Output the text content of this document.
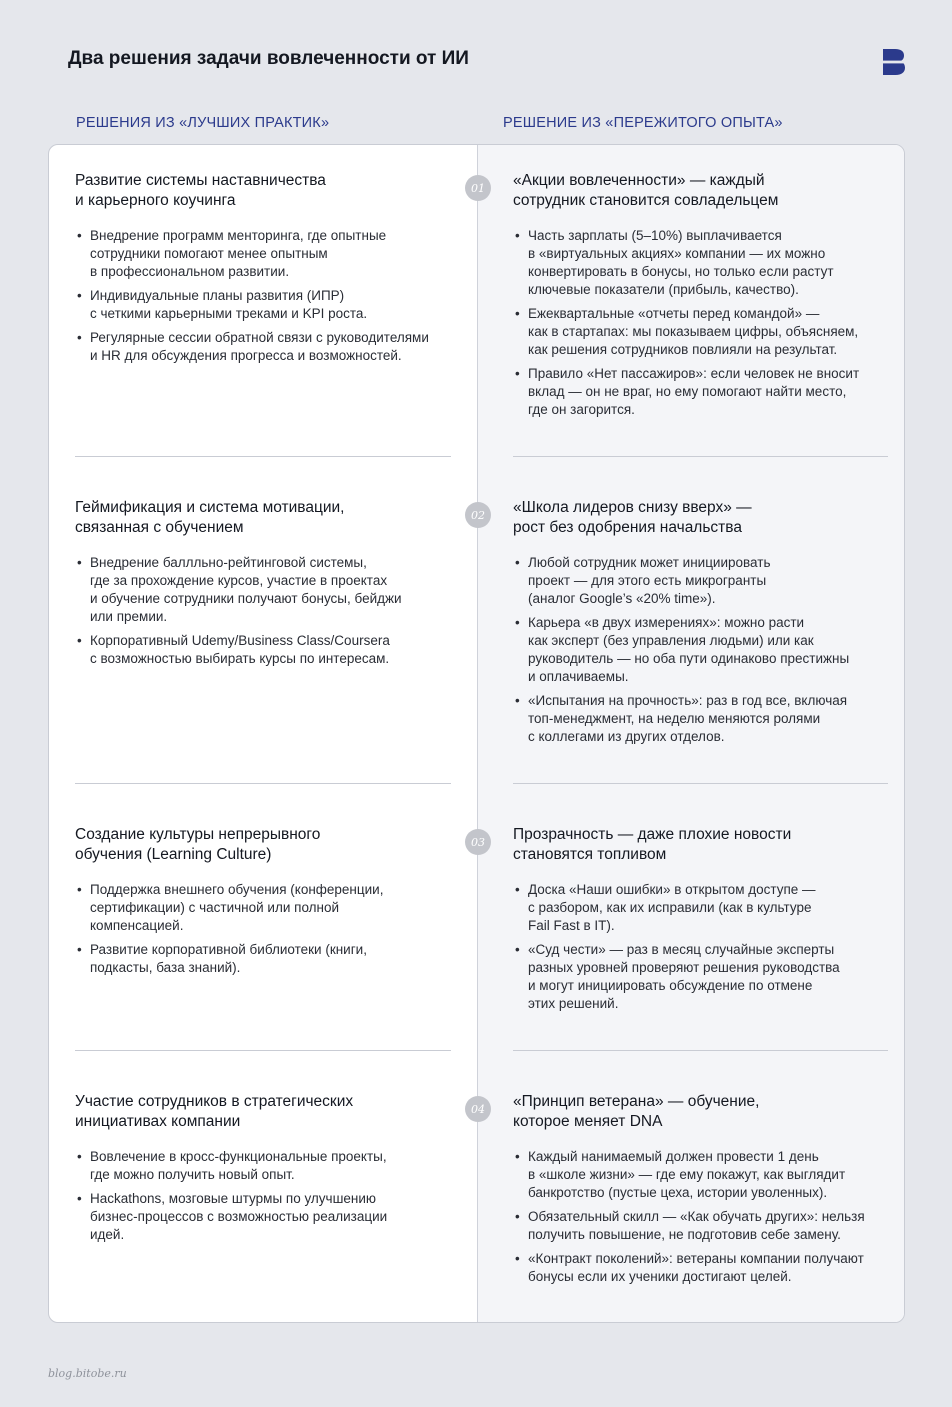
Два решения задачи вовлеченности от ИИ
РЕШЕНИЯ ИЗ «ЛУЧШИХ ПРАКТИК»	РЕШЕНИЕ ИЗ «ПЕРЕЖИТОГО ОПЫТА»
Развитие системы наставничества
и карьерного коучинга
• Внедрение программ менторинга, где опытные
сотрудники помогают менее опытным
в профессиональном развитии.
• Индивидуальные планы развития (ИПР)
с четкими карьерными треками и KPI роста.
• Регулярные сессии обратной связи с руководителями
и HR для обсуждения прогресса и возможностей.
«Акции вовлеченности» — каждый
сотрудник становится совладельцем
• Часть зарплаты (5–10%) выплачивается
в «виртуальных акциях» компании — их можно
конвертировать в бонусы, но только если растут
ключевые показатели (прибыль, качество).
• Ежеквартальные «отчеты перед командой» —
как в стартапах: мы показываем цифры, объясняем,
как решения сотрудников повлияли на результат.
• Правило «Нет пассажиров»: если человек не вносит
вклад — он не враг, но ему помогают найти место,
где он загорится.
01
Геймификация и система мотивации,
связанная с обучением
• Внедрение баллльно-рейтинговой системы,
где за прохождение курсов, участие в проектах
и обучение сотрудники получают бонусы, бейджи
или премии.
• Корпоративный Udemy/Business Class/Coursera
с возможностью выбирать курсы по интересам.
«Школа лидеров снизу вверх» —
рост без одобрения начальства
• Любой сотрудник может инициировать
проект — для этого есть микрогранты
(аналог Google’s «20% time»).
• Карьера «в двух измерениях»: можно расти
как эксперт (без управления людьми) или как
руководитель — но оба пути одинаково престижны
и оплачиваемы.
• «Испытания на прочность»: раз в год все, включая
топ-менеджмент, на неделю меняются ролями
с коллегами из других отделов.
02
Создание культуры непрерывного
обучения (Learning Culture)
• Поддержка внешнего обучения (конференции,
сертификации) с частичной или полной
компенсацией.
• Развитие корпоративной библиотеки (книги,
подкасты, база знаний).
Прозрачность — даже плохие новости
становятся топливом
• Доска «Наши ошибки» в открытом доступе —
с разбором, как их исправили (как в культуре
Fail Fast в IT).
• «Суд чести» — раз в месяц случайные эксперты
разных уровней проверяют решения руководства
и могут инициировать обсуждение по отмене
этих решений.
03
Участие сотрудников в стратегических
инициативах компании
• Вовлечение в кросс-функциональные проекты,
где можно получить новый опыт.
• Hackathons, мозговые штурмы по улучшению
бизнес-процессов с возможностью реализации
идей.
«Принцип ветерана» — обучение,
которое меняет DNA
• Каждый нанимаемый должен провести 1 день
в «школе жизни» — где ему покажут, как выглядит
банкротство (пустые цеха, истории уволенных).
• Обязательный скилл — «Как обучать других»: нельзя
получить повышение, не подготовив себе замену.
• «Контракт поколений»: ветераны компании получают
бонусы если их ученики достигают целей.
04
blog.bitobe.ru
